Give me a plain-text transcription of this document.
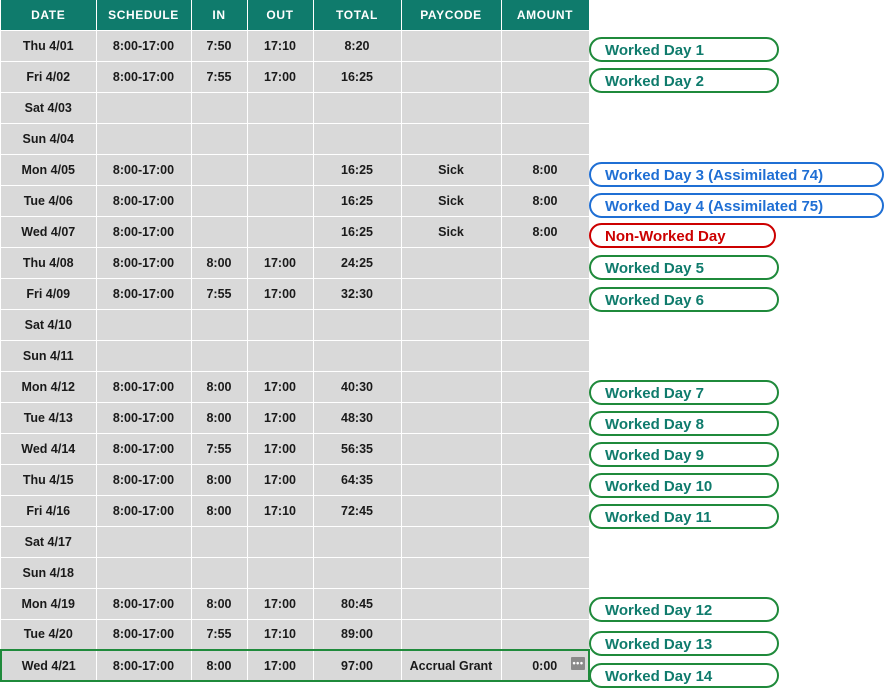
DATE	SCHEDULE	IN	OUT	TOTAL	PAYCODE	AMOUNT
Thu 4/01	8:00-17:00	7:50	17:10	8:20		
Fri 4/02	8:00-17:00	7:55	17:00	16:25		
Sat 4/03						
Sun 4/04						
Mon 4/05	8:00-17:00			16:25	Sick	8:00
Tue 4/06	8:00-17:00			16:25	Sick	8:00
Wed 4/07	8:00-17:00			16:25	Sick	8:00
Thu 4/08	8:00-17:00	8:00	17:00	24:25		
Fri 4/09	8:00-17:00	7:55	17:00	32:30		
Sat 4/10						
Sun 4/11						
Mon 4/12	8:00-17:00	8:00	17:00	40:30		
Tue 4/13	8:00-17:00	8:00	17:00	48:30		
Wed 4/14	8:00-17:00	7:55	17:00	56:35		
Thu 4/15	8:00-17:00	8:00	17:00	64:35		
Fri 4/16	8:00-17:00	8:00	17:10	72:45		
Sat 4/17						
Sun 4/18						
Mon 4/19	8:00-17:00	8:00	17:00	80:45		
Tue 4/20	8:00-17:00	7:55	17:10	89:00		
Wed 4/21	8:00-17:00	8:00	17:00	97:00	Accrual Grant	0:00 •••
Worked Day 1
Worked Day 2
Worked Day 3 (Assimilated 74)
Worked Day 4 (Assimilated 75)
Non-Worked Day
Worked Day 5
Worked Day 6
Worked Day 7
Worked Day 8
Worked Day 9
Worked Day 10
Worked Day 11
Worked Day 12
Worked Day 13
Worked Day 14
